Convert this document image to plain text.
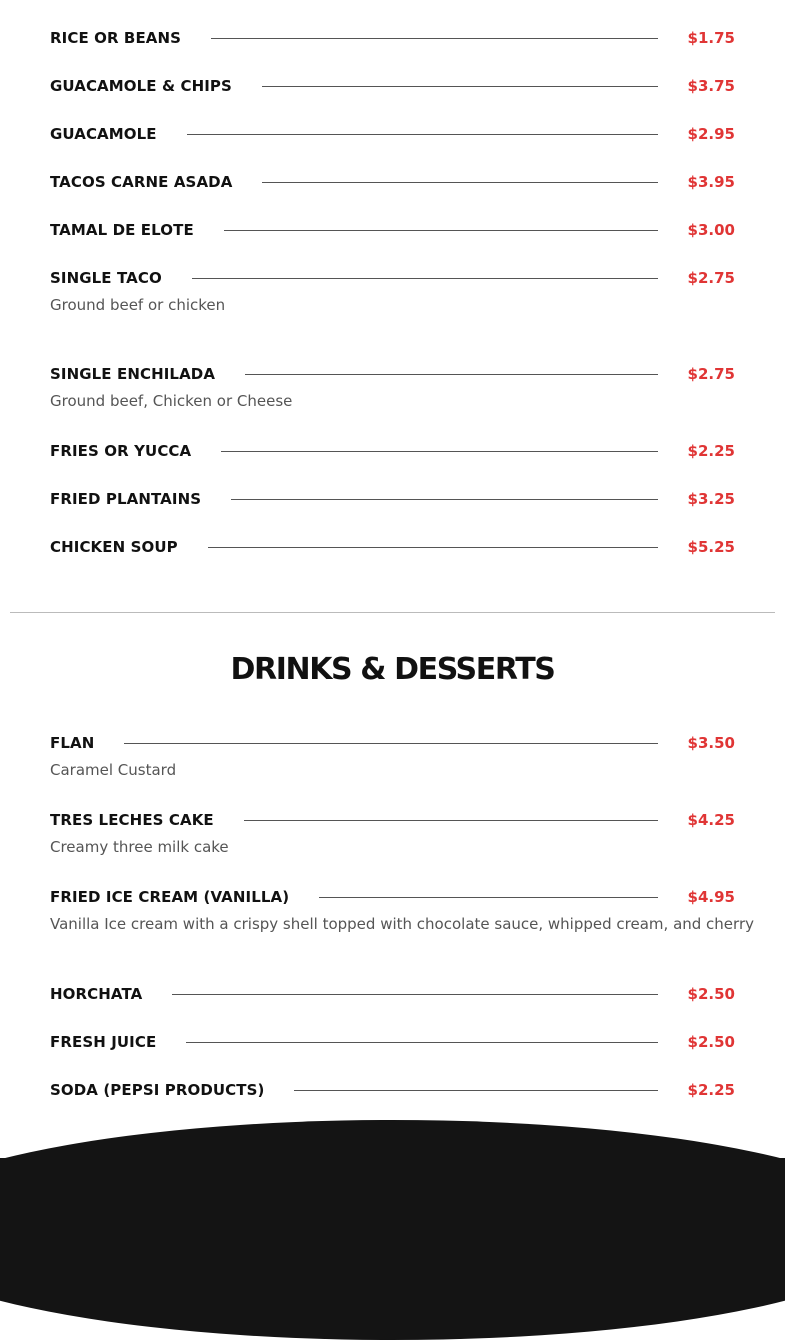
RICE OR BEANS	$1.75
GUACAMOLE & CHIPS	$3.75
GUACAMOLE	$2.95
TACOS CARNE ASADA	$3.95
TAMAL DE ELOTE	$3.00
SINGLE TACO	$2.75
Ground beef or chicken
SINGLE ENCHILADA	$2.75
Ground beef, Chicken or Cheese
FRIES OR YUCCA	$2.25
FRIED PLANTAINS	$3.25
CHICKEN SOUP	$5.25
DRINKS & DESSERTS
FLAN	$3.50
Caramel Custard
TRES LECHES CAKE	$4.25
Creamy three milk cake
FRIED ICE CREAM (VANILLA)	$4.95
Vanilla Ice cream with a crispy shell topped with chocolate sauce, whipped cream, and cherry
HORCHATA	$2.50
FRESH JUICE	$2.50
SODA (PEPSI PRODUCTS)	$2.25
